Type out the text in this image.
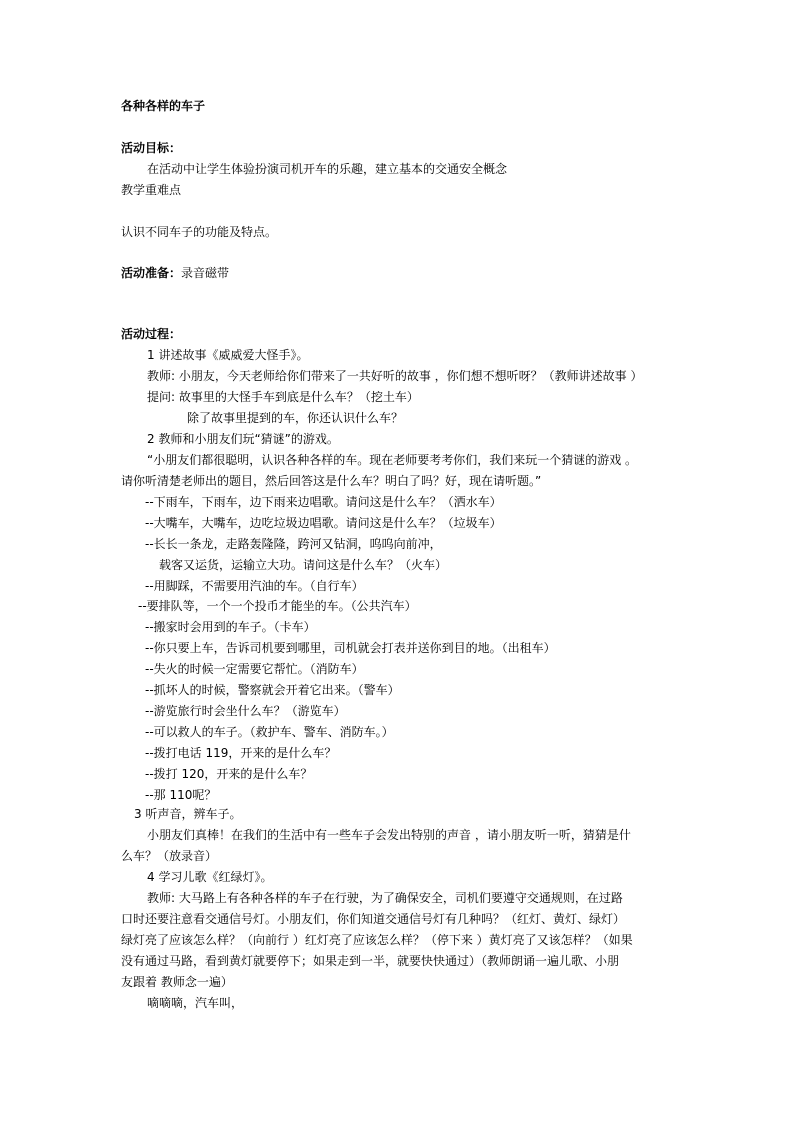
各种各样的车子
活动目标：
在活动中让学生体验扮演司机开车的乐趣，建立基本的交通安全概念
教学重难点
认识不同车子的功能及特点。
活动准备：录音磁带
活动过程：
1 讲述故事《威威爱大怪手》。
教师: 小朋友，今天老师给你们带来了一共好听的故事 ，你们想不想听呀？（教师讲述故事 ）
提问: 故事里的大怪手车到底是什么车？（挖土车）
除了故事里提到的车，你还认识什么车？
2 教师和小朋友们玩“猜谜”的游戏。
“小朋友们都很聪明，认识各种各样的车。现在老师要考考你们，我们来玩一个猜谜的游戏 。
请你听清楚老师出的题目，然后回答这是什么车？明白了吗？好，现在请听题。”
--下雨车，下雨车，边下雨来边唱歌。请问这是什么车？（洒水车）
--大嘴车，大嘴车，边吃垃圾边唱歌。请问这是什么车？（垃圾车）
--长长一条龙，走路轰隆隆，跨河又钻洞，呜呜向前冲，
载客又运货，运输立大功。请问这是什么车？（火车）
--用脚踩，不需要用汽油的车。（自行车）
--要排队等，一个一个投币才能坐的车。（公共汽车）
--搬家时会用到的车子。（卡车）
--你只要上车，告诉司机要到哪里，司机就会打表并送你到目的地。（出租车）
--失火的时候一定需要它帮忙。（消防车）
--抓坏人的时候，警察就会开着它出来。（警车）
--游览旅行时会坐什么车？（游览车）
--可以救人的车子。（救护车、警车、消防车。）
--拨打电话 119，开来的是什么车？
--拨打 120，开来的是什么车？
--那 110呢？
3 听声音，辨车子。
小朋友们真棒！在我们的生活中有一些车子会发出特别的声音 ，请小朋友听一听，猜猜是什
么车？（放录音）
4 学习儿歌《红绿灯》。
教师: 大马路上有各种各样的车子在行驶，为了确保安全，司机们要遵守交通规则，在过路
口时还要注意看交通信号灯。小朋友们，你们知道交通信号灯有几种吗？（红灯、黄灯、绿灯）
绿灯亮了应该怎么样？（向前行 ）红灯亮了应该怎么样？（停下来 ）黄灯亮了又该怎样？（如果
没有通过马路，看到黄灯就要停下；如果走到一半，就要快快通过）（教师朗诵一遍儿歌、小朋
友跟着 教师念一遍）
嘀嘀嘀，汽车叫，
